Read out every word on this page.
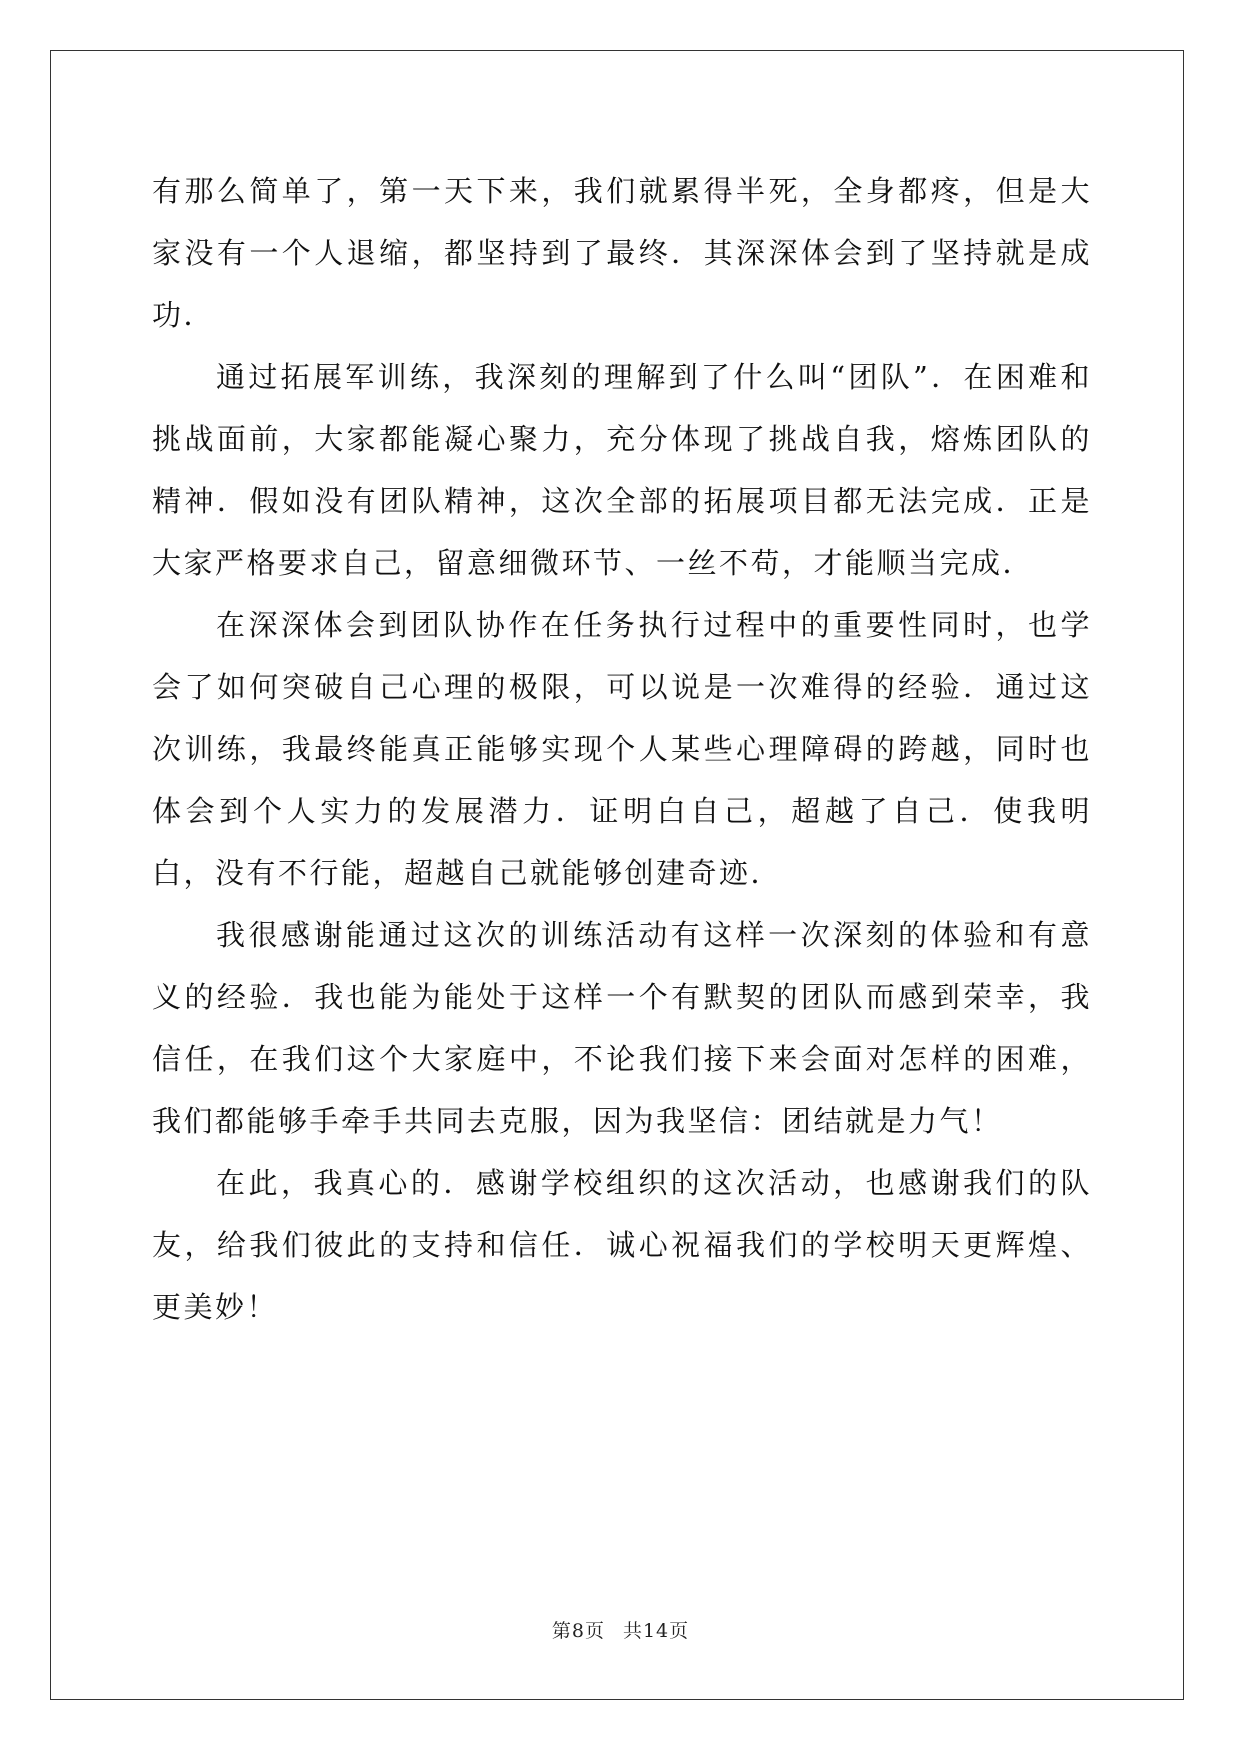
有那么简单了，第一天下来，我们就累得半死，全身都疼，但是大家没有一个人退缩，都坚持到了最终．其深深体会到了坚持就是成功．

通过拓展军训练，我深刻的理解到了什么叫“团队”．在困难和挑战面前，大家都能凝心聚力，充分体现了挑战自我，熔炼团队的精神．假如没有团队精神，这次全部的拓展项目都无法完成．正是大家严格要求自己，留意细微环节、一丝不苟，才能顺当完成．

在深深体会到团队协作在任务执行过程中的重要性同时，也学会了如何突破自己心理的极限，可以说是一次难得的经验．通过这次训练，我最终能真正能够实现个人某些心理障碍的跨越，同时也体会到个人实力的发展潜力．证明白自己，超越了自己．使我明白，没有不行能，超越自己就能够创建奇迹．

我很感谢能通过这次的训练活动有这样一次深刻的体验和有意义的经验．我也能为能处于这样一个有默契的团队而感到荣幸，我信任，在我们这个大家庭中，不论我们接下来会面对怎样的困难，我们都能够手牵手共同去克服，因为我坚信：团结就是力气！

在此，我真心的．感谢学校组织的这次活动，也感谢我们的队友，给我们彼此的支持和信任．诚心祝福我们的学校明天更辉煌、更美妙！

第8页 共14页
